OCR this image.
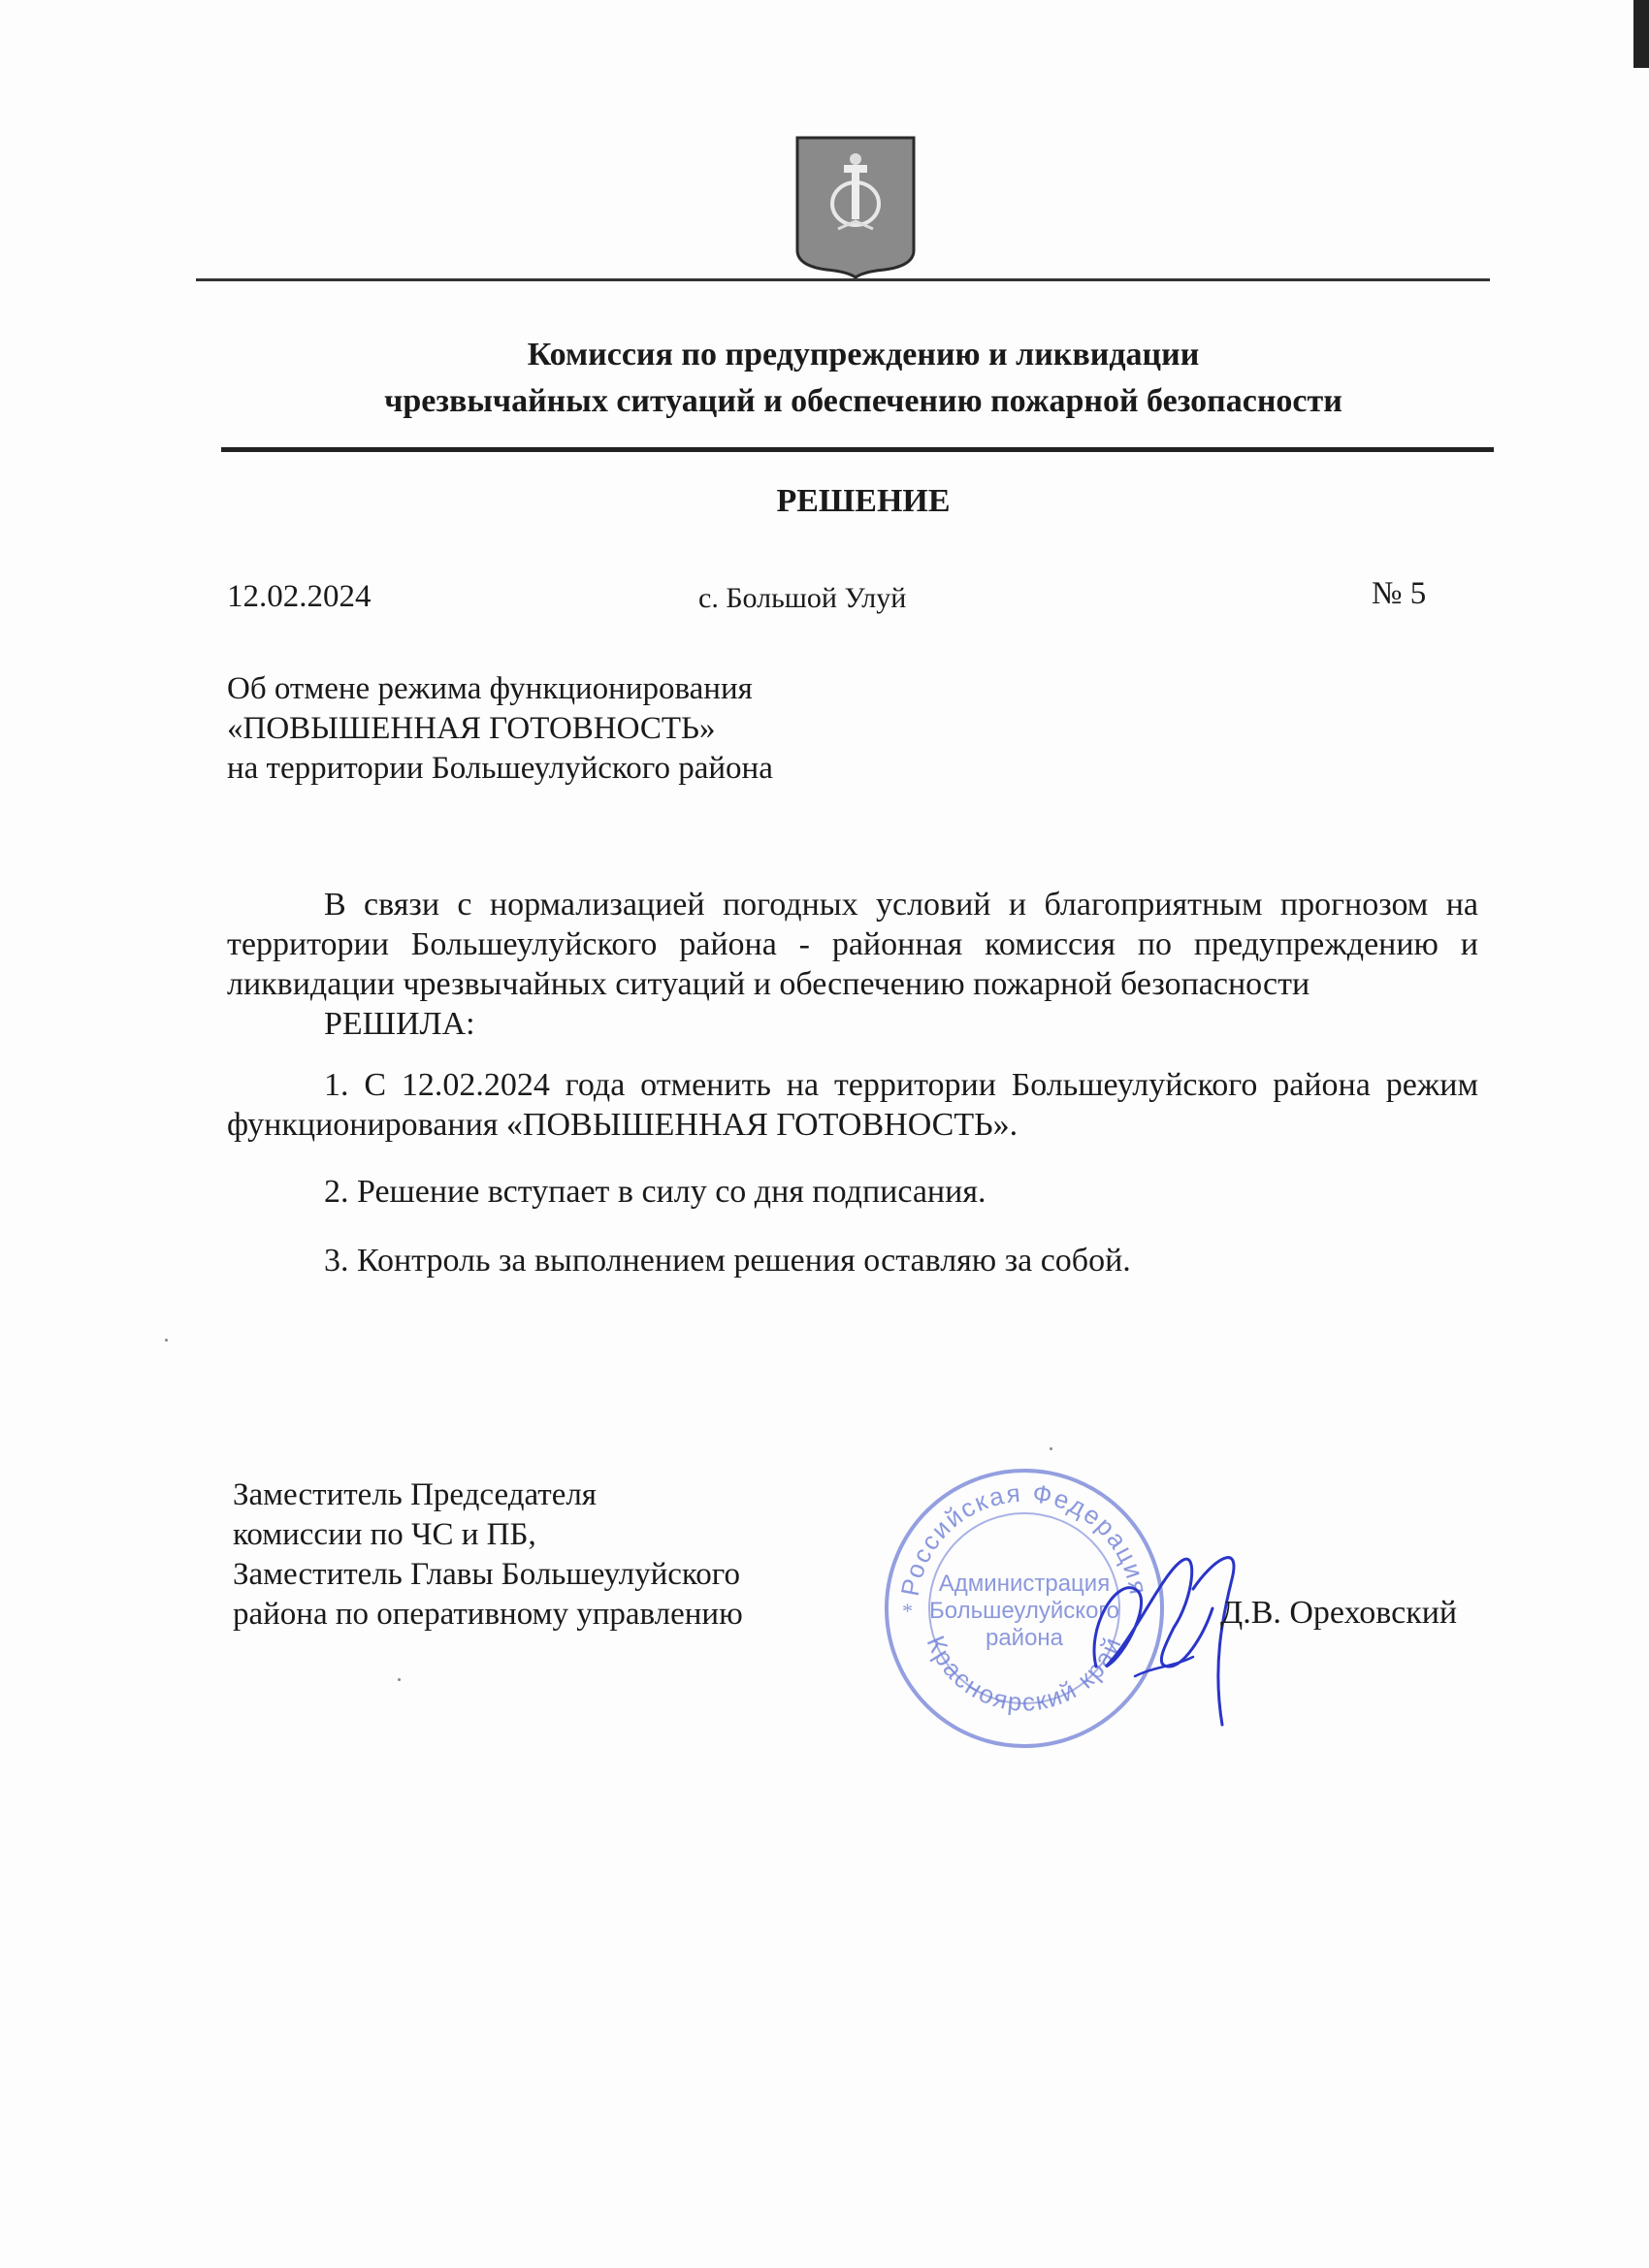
Комиссия по предупреждению и ликвидации
чрезвычайных ситуаций и обеспечению пожарной безопасности
РЕШЕНИЕ
12.02.2024	с. Большой Улуй	№ 5
Об отмене режима функционирования
«ПОВЫШЕННАЯ ГОТОВНОСТЬ»
на территории Большеулуйского района

В связи с нормализацией погодных условий и благоприятным прогнозом на территории Большеулуйского района - районная комиссия по предупреждению и ликвидации чрезвычайных ситуаций и обеспечению пожарной безопасности

РЕШИЛА:

1. С 12.02.2024 года отменить на территории Большеулуйского района режим функционирования «ПОВЫШЕННАЯ ГОТОВНОСТЬ».

2. Решение вступает в силу со дня подписания.

3. Контроль за выполнением решения оставляю за собой.

Заместитель Председателя
комиссии по ЧС и ПБ,
Заместитель Главы Большеулуйского
района по оперативному управлению
Российская Федерация
Красноярский край
Администрация
Большеулуйского
района
*	Д.В. Ореховский
